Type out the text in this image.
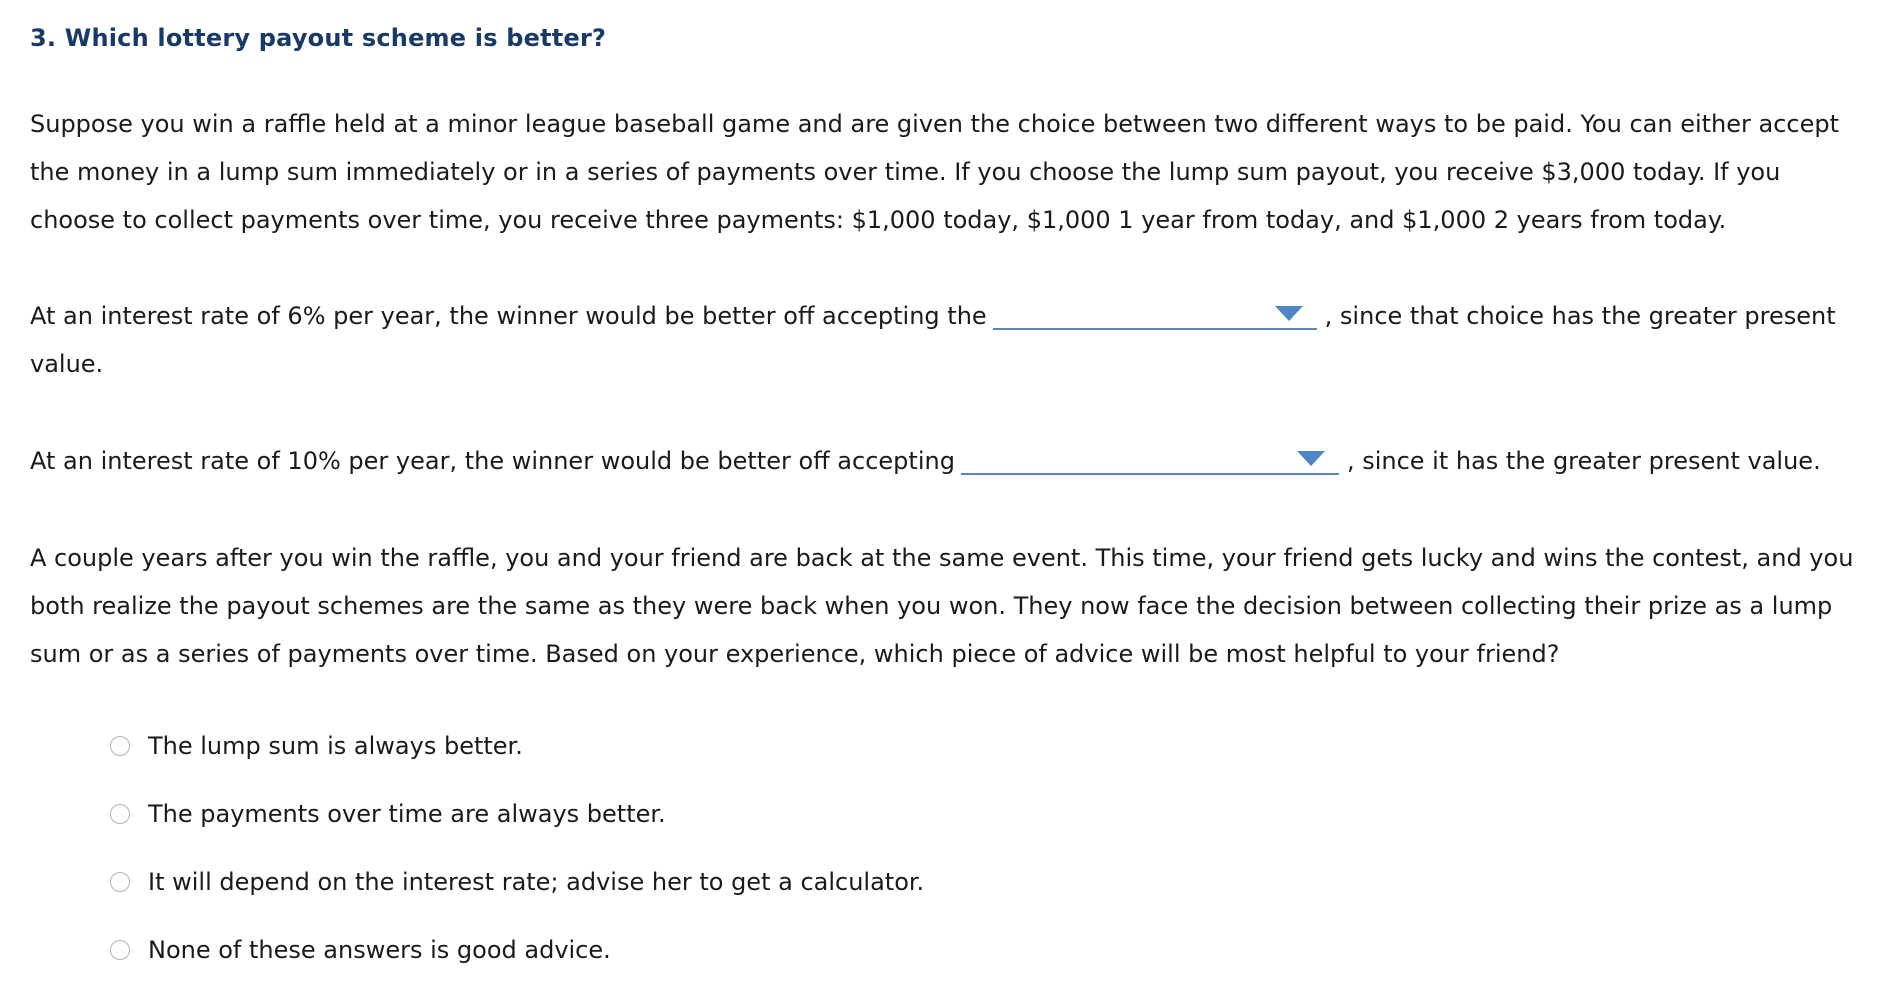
3. Which lottery payout scheme is better?
Suppose you win a raffle held at a minor league baseball game and are given the choice between two different ways to be paid. You can either accept the money in a lump sum immediately or in a series of payments over time. If you choose the lump sum payout, you receive $3,000 today. If you choose to collect payments over time, you receive three payments: $1,000 today, $1,000 1 year from today, and $1,000 2 years from today.
At an interest rate of 6% per year, the winner would be better off accepting the	, since that choice has the greater present value.
At an interest rate of 10% per year, the winner would be better off accepting	, since it has the greater present value.
A couple years after you win the raffle, you and your friend are back at the same event. This time, your friend gets lucky and wins the contest, and you both realize the payout schemes are the same as they were back when you won. They now face the decision between collecting their prize as a lump sum or as a series of payments over time. Based on your experience, which piece of advice will be most helpful to your friend?
The lump sum is always better.
The payments over time are always better.
It will depend on the interest rate; advise her to get a calculator.
None of these answers is good advice.
